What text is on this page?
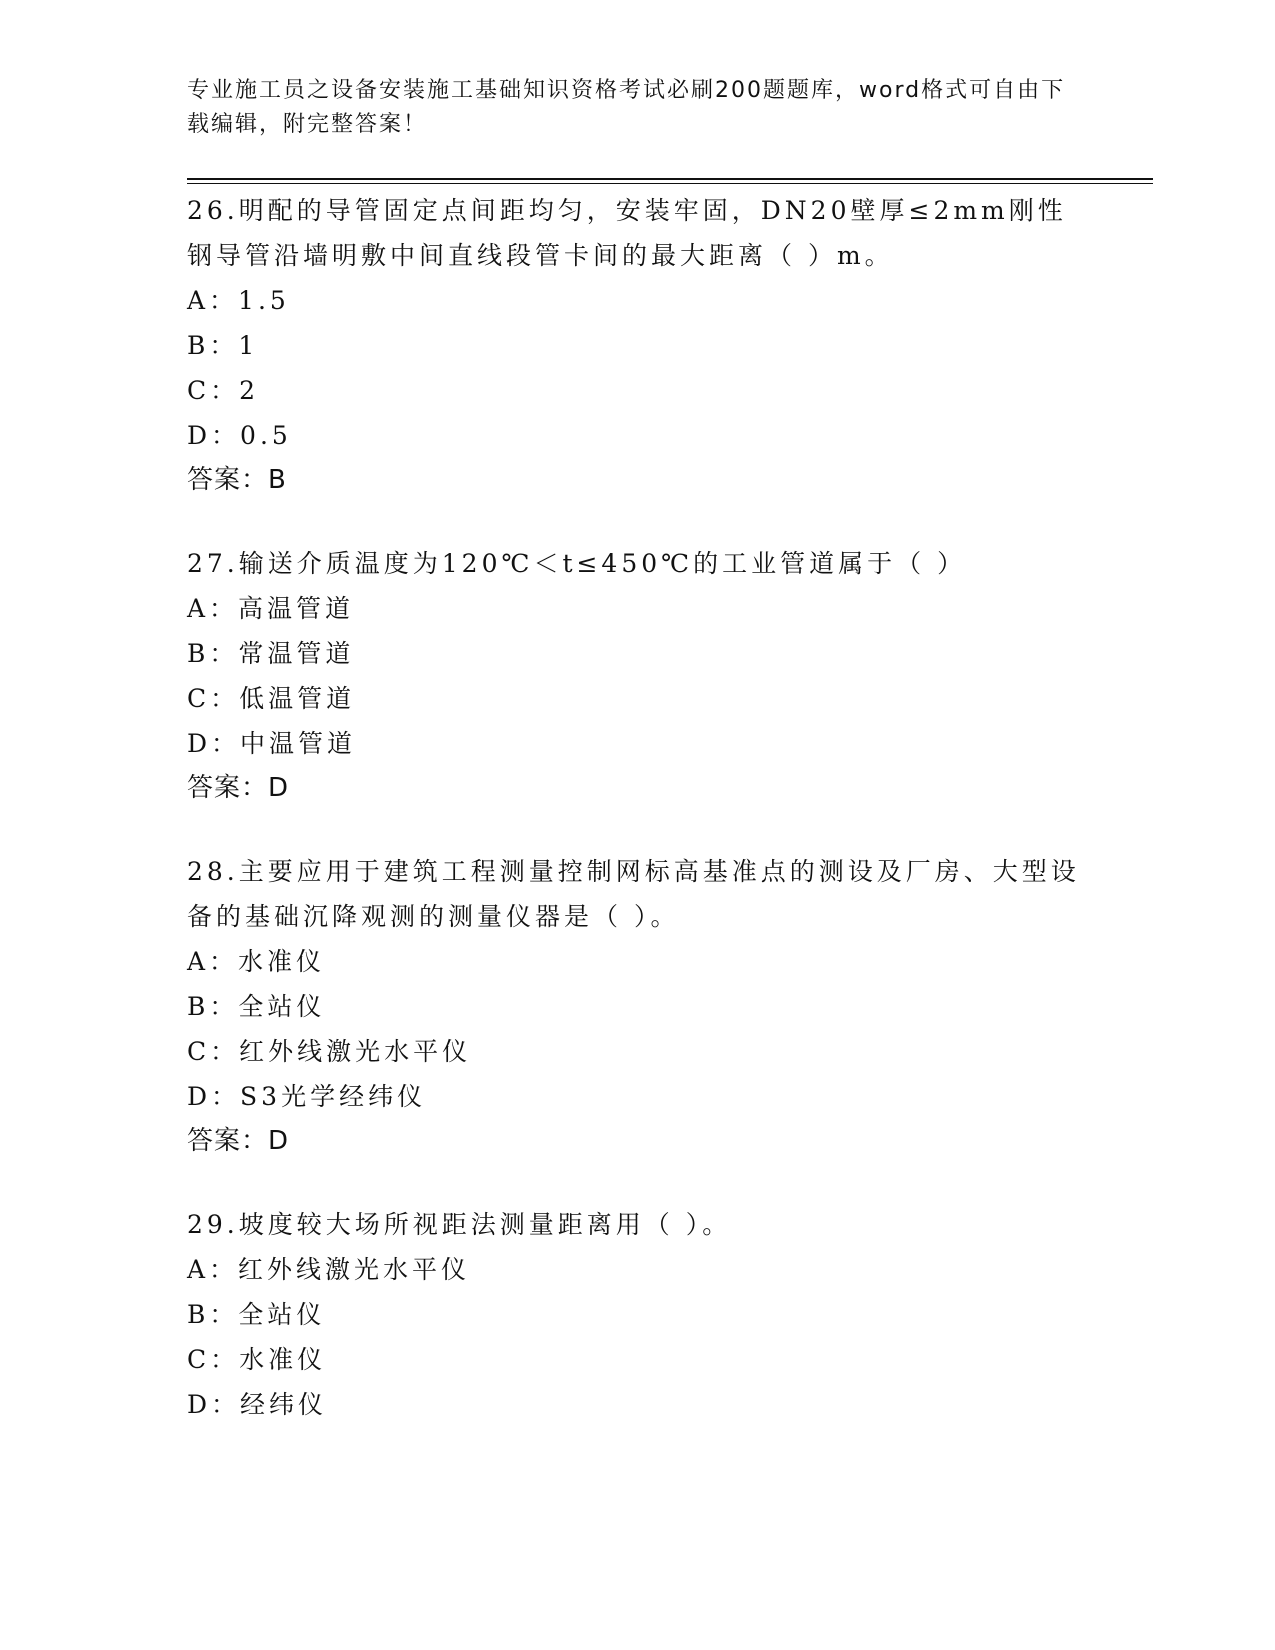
专业施工员之设备安装施工基础知识资格考试必刷200题题库，word格式可自由下载编辑，附完整答案！
26.明配的导管固定点间距均匀，安装牢固，DN20壁厚≤2mm刚性钢导管沿墙明敷中间直线段管卡间的最大距离（ ）m。
A：1.5
B：1
C：2
D：0.5
答案：B
27.输送介质温度为120℃＜t≤450℃的工业管道属于（ ）
A：高温管道
B：常温管道
C：低温管道
D：中温管道
答案：D
28.主要应用于建筑工程测量控制网标高基准点的测设及厂房、大型设备的基础沉降观测的测量仪器是（ ）。
A：水准仪
B：全站仪
C：红外线激光水平仪
D：S3光学经纬仪
答案：D
29.坡度较大场所视距法测量距离用（ ）。
A：红外线激光水平仪
B：全站仪
C：水准仪
D：经纬仪
